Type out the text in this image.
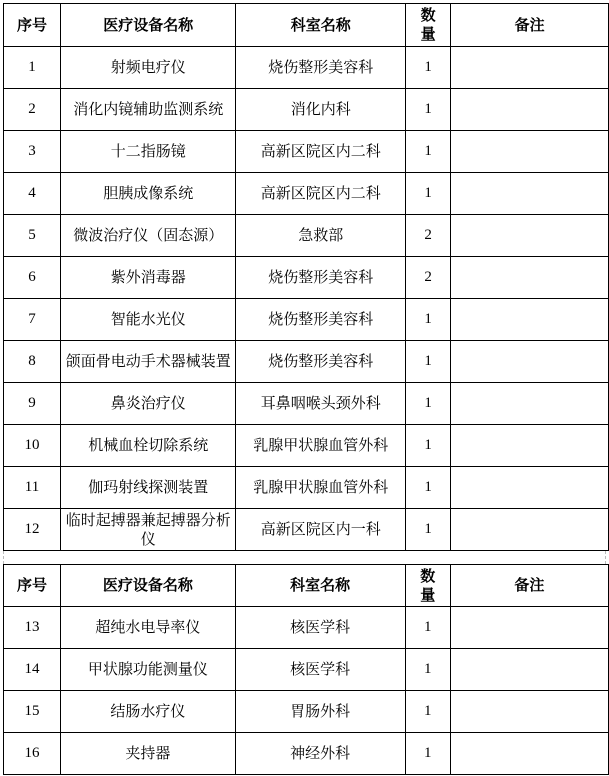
序号	医疗设备名称	科室名称	数量	备注
1	射频电疗仪	烧伤整形美容科	1	
2	消化内镜辅助监测系统	消化内科	1	
3	十二指肠镜	高新区院区内二科	1	
4	胆胰成像系统	高新区院区内二科	1	
5	微波治疗仪（固态源）	急救部	2	
6	紫外消毒器	烧伤整形美容科	2	
7	智能水光仪	烧伤整形美容科	1	
8	颌面骨电动手术器械装置	烧伤整形美容科	1	
9	鼻炎治疗仪	耳鼻咽喉头颈外科	1	
10	机械血栓切除系统	乳腺甲状腺血管外科	1	
11	伽玛射线探测装置	乳腺甲状腺血管外科	1	
12	临时起搏器兼起搏器分析仪	高新区院区内一科	1	
序号	医疗设备名称	科室名称	数量	备注
13	超纯水电导率仪	核医学科	1	
14	甲状腺功能测量仪	核医学科	1	
15	结肠水疗仪	胃肠外科	1	
16	夹持器	神经外科	1	
